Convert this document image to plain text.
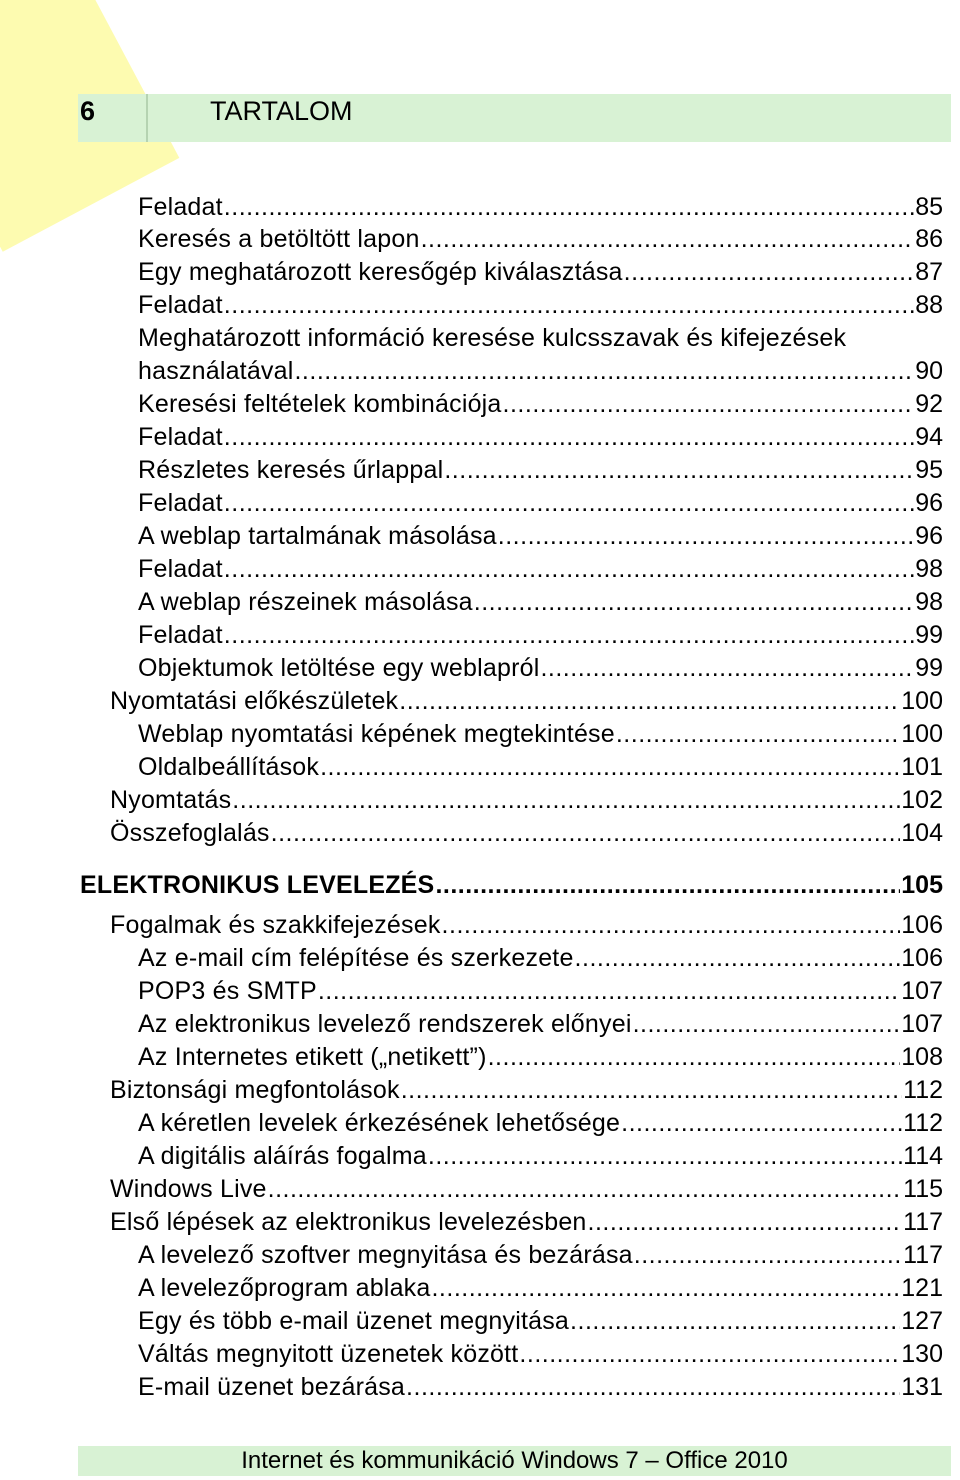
6	TARTALOM
Feladat .....	85
Keresés a betöltött lapon .....	86
Egy meghatározott keresőgép kiválasztása .....	87
Feladat .....	88
Meghatározott információ keresése kulcsszavak és kifejezések
használatával .....	90
Keresési feltételek kombinációja .....	92
Feladat .....	94
Részletes keresés űrlappal .....	95
Feladat .....	96
A weblap tartalmának másolása .....	96
Feladat .....	98
A weblap részeinek másolása .....	98
Feladat .....	99
Objektumok letöltése egy weblapról .....	99
Nyomtatási előkészületek .....	100
Weblap nyomtatási képének megtekintése .....	100
Oldalbeállítások .....	101
Nyomtatás .....	102
Összefoglalás .....	104
ELEKTRONIKUS LEVELEZÉS .....	105
Fogalmak és szakkifejezések .....	106
Az e-mail cím felépítése és szerkezete .....	106
POP3 és SMTP .....	107
Az elektronikus levelező rendszerek előnyei .....	107
Az Internetes etikett („netikett”) .....	108
Biztonsági megfontolások .....	112
A kéretlen levelek érkezésének lehetősége .....	112
A digitális aláírás fogalma .....	114
Windows Live .....	115
Első lépések az elektronikus levelezésben .....	117
A levelező szoftver megnyitása és bezárása .....	117
A levelezőprogram ablaka .....	121
Egy és több e-mail üzenet megnyitása .....	127
Váltás megnyitott üzenetek között .....	130
E-mail üzenet bezárása .....	131
Internet és kommunikáció Windows 7 – Office 2010
